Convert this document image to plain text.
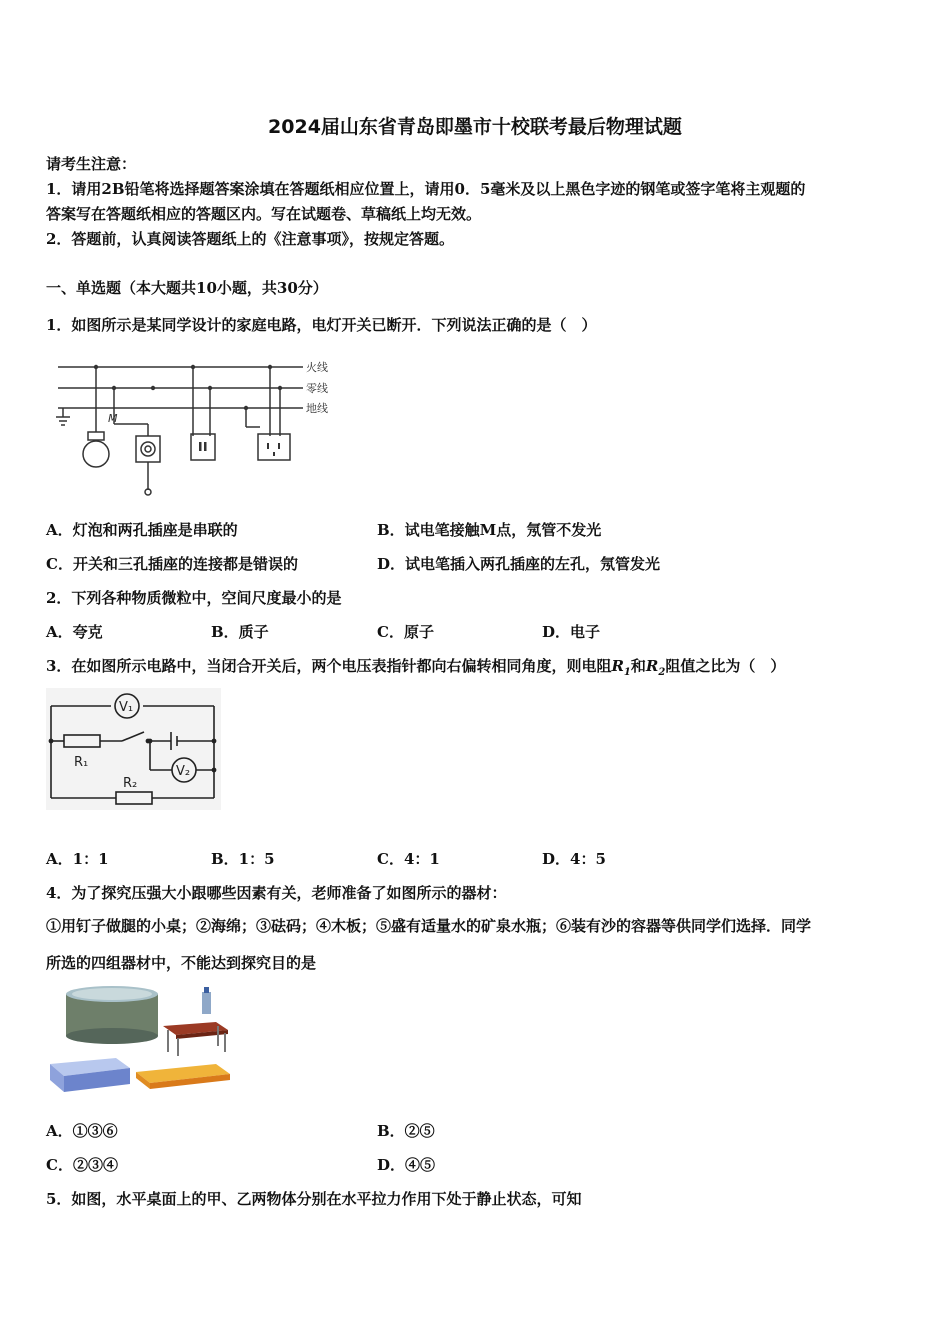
2024届山东省青岛即墨市十校联考最后物理试题
请考生注意：
1．请用2B铅笔将选择题答案涂填在答题纸相应位置上，请用0．5毫米及以上黑色字迹的钢笔或签字笔将主观题的
答案写在答题纸相应的答题区内。写在试题卷、草稿纸上均无效。
2．答题前，认真阅读答题纸上的《注意事项》，按规定答题。
一、单选题（本大题共10小题，共30分）
1．如图所示是某同学设计的家庭电路，电灯开关已断开．下列说法正确的是（　）
火线
零线
地线
M
A．灯泡和两孔插座是串联的	B．试电笔接触M点，氖管不发光
C．开关和三孔插座的连接都是错误的	D．试电笔插入两孔插座的左孔，氖管发光
2．下列各种物质微粒中，空间尺度最小的是
A．夸克	B．质子	C．原子	D．电子
3．在如图所示电路中，当闭合开关后，两个电压表指针都向右偏转相同角度，则电阻$R_1$和$R_2$阻值之比为（　）
V₁
V₂
R₁
R₂
A．1：1	B．1：5	C．4：1	D．4：5
4．为了探究压强大小跟哪些因素有关，老师准备了如图所示的器材：
①用钉子做腿的小桌；②海绵；③砝码；④木板；⑤盛有适量水的矿泉水瓶；⑥装有沙的容器等供同学们选择．同学
所选的四组器材中，不能达到探究目的是
A．①③⑥	B．②⑤
C．②③④	D．④⑤
5．如图，水平桌面上的甲、乙两物体分别在水平拉力作用下处于静止状态，可知
